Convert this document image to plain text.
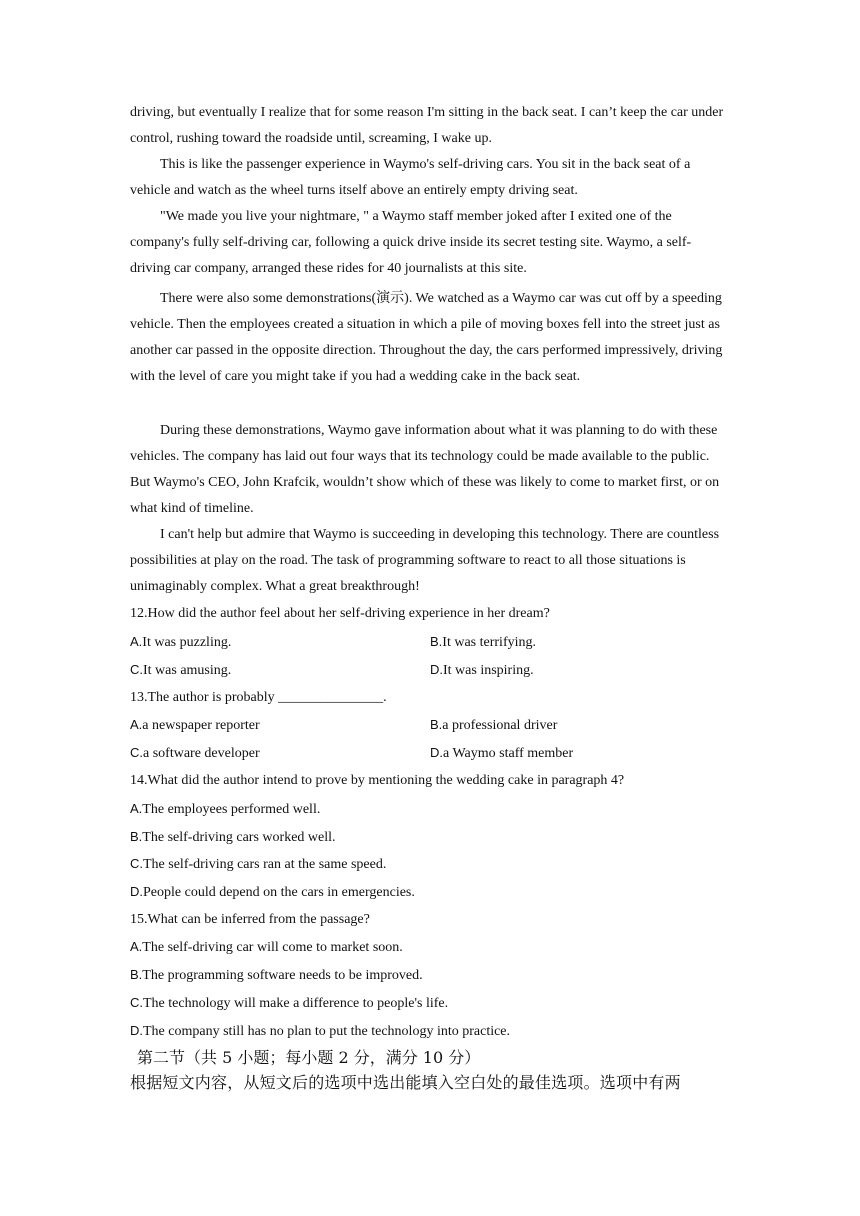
driving, but eventually I realize that for some reason I'm sitting in the back seat. I can’t keep the car under control, rushing toward the roadside until, screaming, I wake up.

This is like the passenger experience in Waymo's self-driving cars. You sit in the back seat of a vehicle and watch as the wheel turns itself above an entirely empty driving seat.

"We made you live your nightmare, " a Waymo staff member joked after I exited one of the company's fully self-driving car, following a quick drive inside its secret testing site. Waymo, a self-driving car company, arranged these rides for 40 journalists at this site.

There were also some demonstrations(演示). We watched as a Waymo car was cut off by a speeding vehicle. Then the employees created a situation in which a pile of moving boxes fell into the street just as another car passed in the opposite direction. Throughout the day, the cars performed impressively, driving with the level of care you might take if you had a wedding cake in the back seat.

During these demonstrations, Waymo gave information about what it was planning to do with these vehicles. The company has laid out four ways that its technology could be made available to the public. But Waymo's CEO, John Krafcik, wouldn’t show which of these was likely to come to market first, or on what kind of timeline.

I can't help but admire that Waymo is succeeding in developing this technology. There are countless possibilities at play on the road. The task of programming software to react to all those situations is unimaginably complex. What a great breakthrough!

12.How did the author feel about her self-driving experience in her dream?
A.It was puzzling.	B.It was terrifying.
C.It was amusing.	D.It was inspiring.
13.The author is probably _______________.
A.a newspaper reporter	B.a professional driver
C.a software developer	D.a Waymo staff member
14.What did the author intend to prove by mentioning the wedding cake in paragraph 4?
A.The employees performed well.
B.The self-driving cars worked well.
C.The self-driving cars ran at the same speed.
D.People could depend on the cars in emergencies.
15.What can be inferred from the passage?
A.The self-driving car will come to market soon.
B.The programming software needs to be improved.
C.The technology will make a difference to people's life.
D.The company still has no plan to put the technology into practice.
第二节（共 5 小题；每小题 2 分，满分 10 分）
根据短文内容，从短文后的选项中选出能填入空白处的最佳选项。选项中有两
